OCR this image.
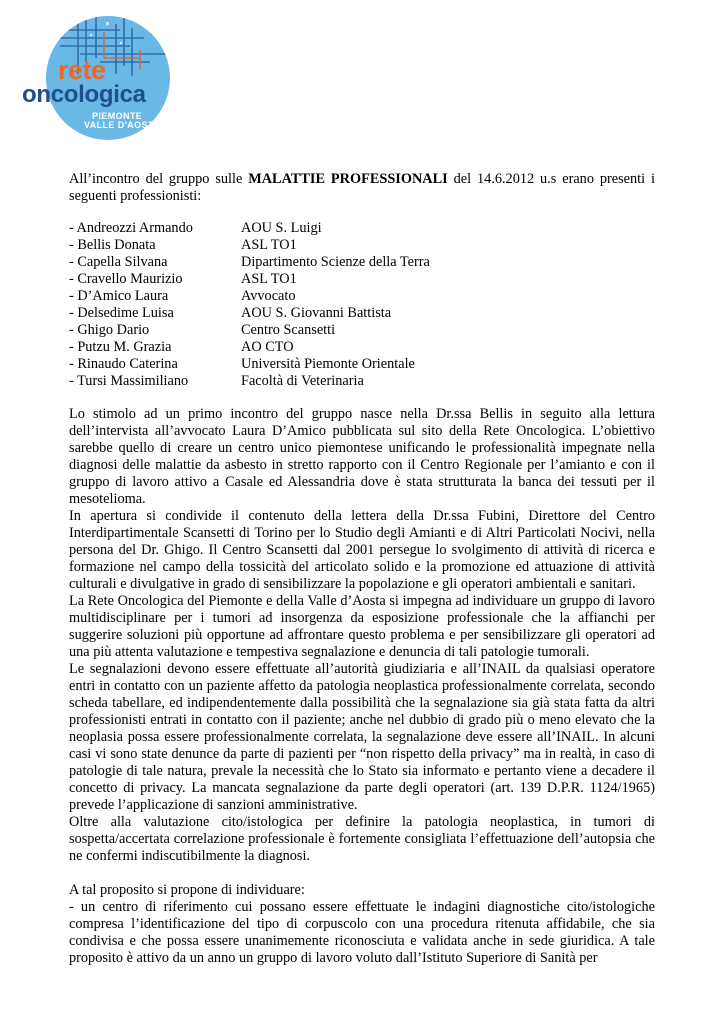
rete
oncologica
PIEMONTE
VALLE D'AOSTA
All’incontro del gruppo sulle MALATTIE PROFESSIONALI del 14.6.2012 u.s erano presenti i seguenti professionisti:
- Andreozzi Armando	AOU S. Luigi
- Bellis Donata	ASL TO1
- Capella Silvana	Dipartimento Scienze della Terra
- Cravello Maurizio	ASL TO1
- D’Amico Laura	Avvocato
- Delsedime Luisa	AOU S. Giovanni Battista
- Ghigo Dario	Centro Scansetti
- Putzu M. Grazia	AO CTO
- Rinaudo Caterina	Università Piemonte Orientale
- Tursi Massimiliano	Facoltà di Veterinaria

Lo stimolo ad un primo incontro del gruppo nasce nella Dr.ssa Bellis in seguito alla lettura dell’intervista all’avvocato Laura D’Amico pubblicata sul sito della Rete Oncologica. L’obiettivo sarebbe quello di creare un centro unico piemontese unificando le professionalità impegnate nella diagnosi delle malattie da asbesto in stretto rapporto con il Centro Regionale per l’amianto e con il gruppo di lavoro attivo a Casale ed Alessandria dove è stata strutturata la banca dei tessuti per il mesotelioma.

In apertura si condivide il contenuto della lettera della Dr.ssa Fubini, Direttore del Centro Interdipartimentale Scansetti di Torino per lo Studio degli Amianti e di Altri Particolati Nocivi, nella persona del Dr. Ghigo. Il Centro Scansetti dal 2001 persegue lo svolgimento di attività di ricerca e formazione nel campo della tossicità del articolato solido e la promozione ed attuazione di attività culturali e divulgative in grado di sensibilizzare la popolazione e gli operatori ambientali e sanitari.

La Rete Oncologica del Piemonte e della Valle d’Aosta si impegna ad individuare un gruppo di lavoro multidisciplinare per i tumori ad insorgenza da esposizione professionale che la affianchi per suggerire soluzioni più opportune ad affrontare questo problema e per sensibilizzare gli operatori ad una più attenta valutazione e tempestiva segnalazione e denuncia di tali patologie tumorali.

Le segnalazioni devono essere effettuate all’autorità giudiziaria e all’INAIL da qualsiasi operatore entri in contatto con un paziente affetto da patologia neoplastica professionalmente correlata, secondo scheda tabellare, ed indipendentemente dalla possibilità che la segnalazione sia già stata fatta da altri professionisti entrati in contatto con il paziente; anche nel dubbio di grado più o meno elevato che la neoplasia possa essere professionalmente correlata, la segnalazione deve essere all’INAIL. In alcuni casi vi sono state denunce da parte di pazienti per “non rispetto della privacy” ma in realtà, in caso di patologie di tale natura, prevale la necessità che lo Stato sia informato e pertanto viene a decadere il concetto di privacy. La mancata segnalazione da parte degli operatori (art. 139 D.P.R. 1124/1965) prevede l’applicazione di sanzioni amministrative.

Oltre alla valutazione cito/istologica per definire la patologia neoplastica, in tumori di sospetta/accertata correlazione professionale è fortemente consigliata l’effettuazione dell’autopsia che ne confermi indiscutibilmente la diagnosi.

A tal proposito si propone di individuare:

- un centro di riferimento cui possano essere effettuate le indagini diagnostiche cito/istologiche compresa l’identificazione del tipo di corpuscolo con una procedura ritenuta affidabile, che sia condivisa e che possa essere unanimemente riconosciuta e validata anche in sede giuridica. A tale proposito è attivo da un anno un gruppo di lavoro voluto dall’Istituto Superiore di Sanità per
